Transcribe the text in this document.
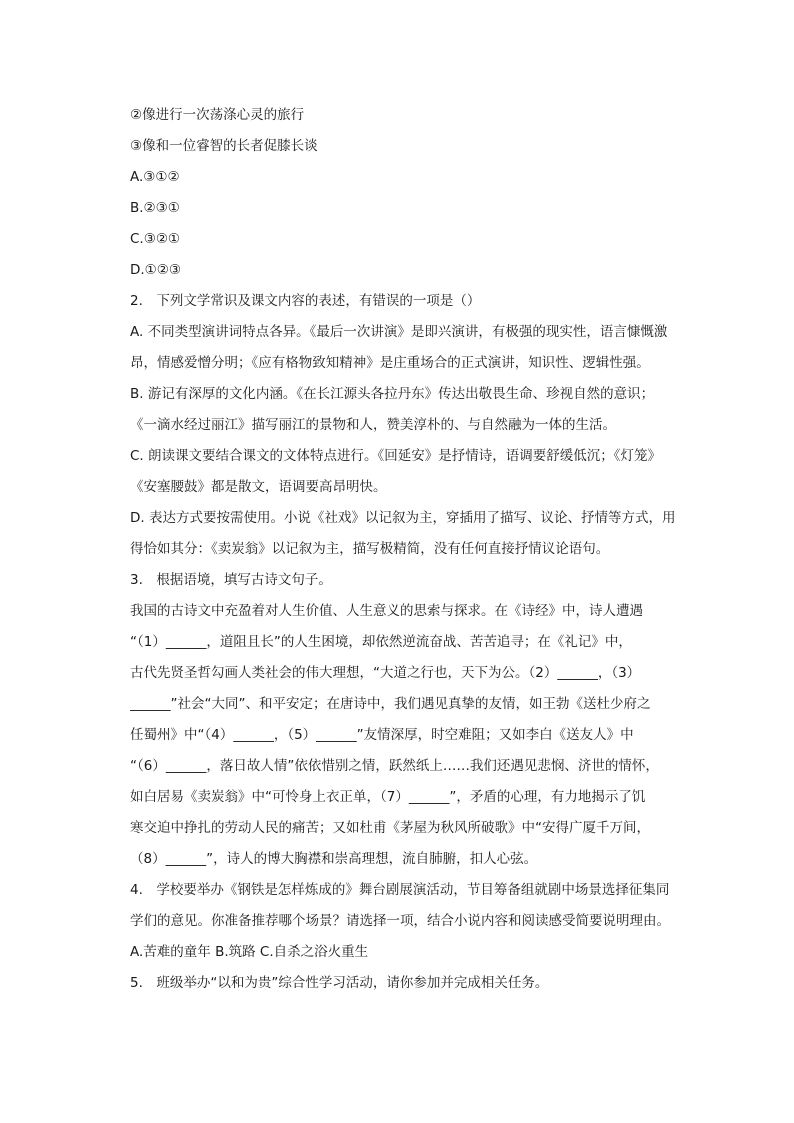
②像进行一次荡涤心灵的旅行
③像和一位睿智的长者促膝长谈
A.③①②
B.②③①
C.③②①
D.①②③
2.　下列文学常识及课文内容的表述，有错误的一项是（）
A. 不同类型演讲词特点各异。《最后一次讲演》是即兴演讲，有极强的现实性，语言慷慨激
昂，情感爱憎分明；《应有格物致知精神》是庄重场合的正式演讲，知识性、逻辑性强。
B. 游记有深厚的文化内涵。《在长江源头各拉丹东》传达出敬畏生命、珍视自然的意识；
《一滴水经过丽江》描写丽江的景物和人，赞美淳朴的、与自然融为一体的生活。
C. 朗读课文要结合课文的文体特点进行。《回延安》是抒情诗，语调要舒缓低沉；《灯笼》
《安塞腰鼓》都是散文，语调要高昂明快。
D. 表达方式要按需使用。小说《社戏》以记叙为主，穿插用了描写、议论、抒情等方式，用
得恰如其分：《卖炭翁》以记叙为主，描写极精简，没有任何直接抒情议论语句。
3.　根据语境，填写古诗文句子。
我国的古诗文中充盈着对人生价值、人生意义的思索与探求。在《诗经》中，诗人遭遇
“（1）______，道阻且长”的人生困境，却依然逆流奋战、苦苦追寻；在《礼记》中，
古代先贤圣哲勾画人类社会的伟大理想，“大道之行也，天下为公。（2）______，（3）
______”社会“大同”、和平安定；在唐诗中，我们遇见真挚的友情，如王勃《送杜少府之
任蜀州》中“（4）______，（5）______”友情深厚，时空难阻；又如李白《送友人》中
“（6）______，落日故人情”依依惜别之情，跃然纸上……我们还遇见悲悯、济世的情怀，
如白居易《卖炭翁》中“可怜身上衣正单，（7）______”，矛盾的心理，有力地揭示了饥
寒交迫中挣扎的劳动人民的痛苦；又如杜甫《茅屋为秋风所破歌》中“安得广厦千万间，
（8）______”，诗人的博大胸襟和崇高理想，流自肺腑，扣人心弦。
4.　学校要举办《钢铁是怎样炼成的》舞台剧展演活动，节目筹备组就剧中场景选择征集同
学们的意见。你准备推荐哪个场景？请选择一项，结合小说内容和阅读感受简要说明理由。
A.苦难的童年 B.筑路 C.自杀之浴火重生
5.　班级举办“以和为贵”综合性学习活动，请你参加并完成相关任务。
